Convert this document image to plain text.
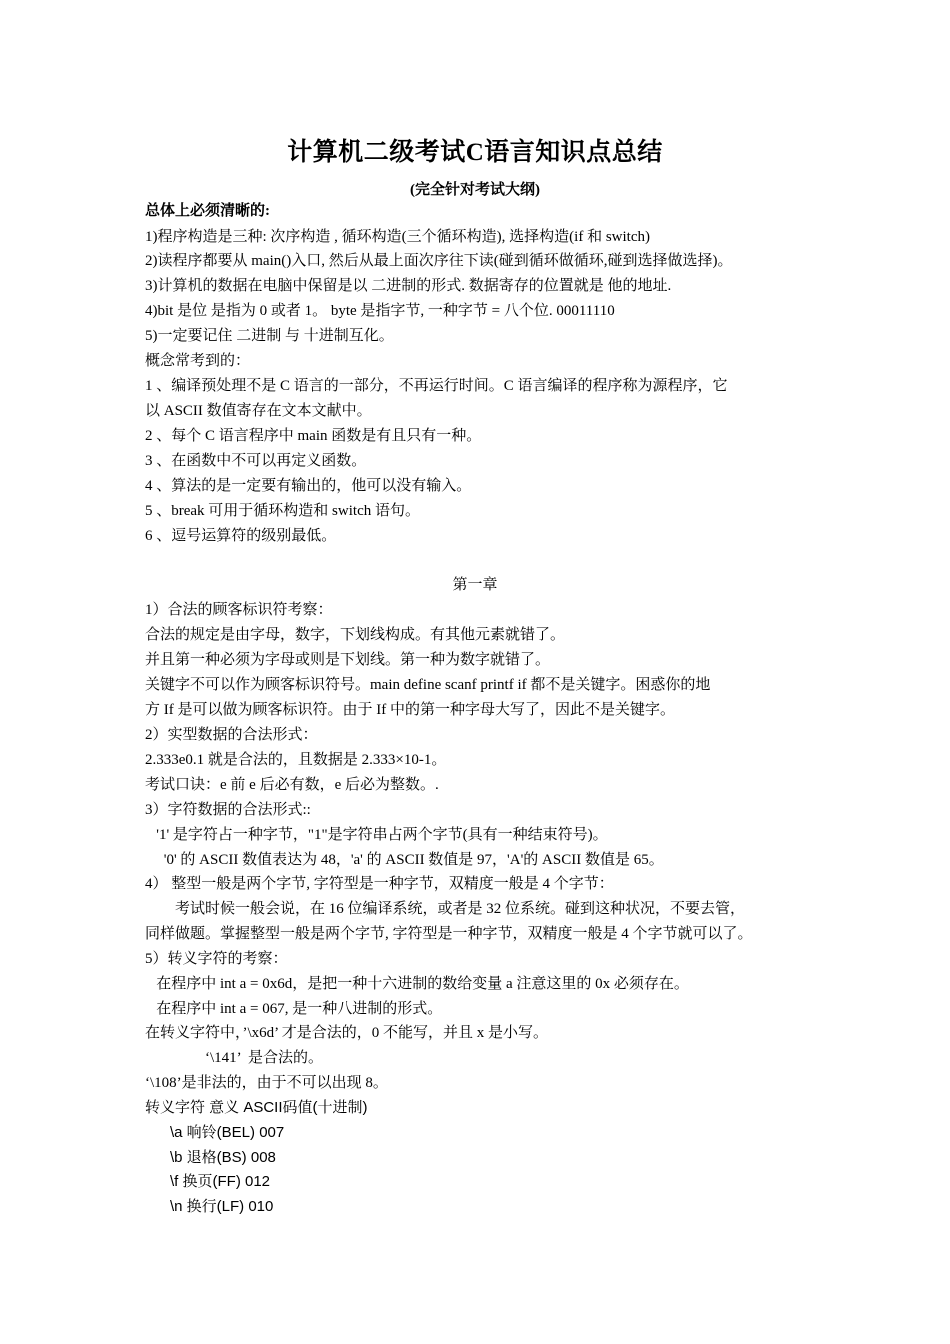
计算机二级考试C语言知识点总结
(完全针对考试大纲)
总体上必须清晰的:
1)程序构造是三种: 次序构造 , 循环构造(三个循环构造), 选择构造(if 和 switch)
2)读程序都要从 main()入口, 然后从最上面次序往下读(碰到循环做循环,碰到选择做选择)。
3)计算机的数据在电脑中保留是以 二进制的形式. 数据寄存的位置就是 他的地址.
4)bit 是位 是指为 0 或者 1。 byte 是指字节, 一种字节 = 八个位. 00011110
5)一定要记住 二进制 与 十进制互化。
概念常考到的：
1 、编译预处理不是 C 语言的一部分，不再运行时间。C 语言编译的程序称为源程序，它
以 ASCII 数值寄存在文本文献中。
2 、每个 C 语言程序中 main 函数是有且只有一种。
3 、在函数中不可以再定义函数。
4 、算法的是一定要有输出的，他可以没有输入。
5 、break 可用于循环构造和 switch 语句。
6 、逗号运算符的级别最低。
第一章
1）合法的顾客标识符考察：
合法的规定是由字母，数字，下划线构成。有其他元素就错了。
并且第一种必须为字母或则是下划线。第一种为数字就错了。
关键字不可以作为顾客标识符号。main define scanf printf if 都不是关键字。困惑你的地
方 If 是可以做为顾客标识符。由于 If 中的第一种字母大写了，因此不是关键字。
2）实型数据的合法形式：
2.333e0.1 就是合法的，且数据是 2.333×10-1。
考试口诀：e 前 e 后必有数，e 后必为整数。.
3）字符数据的合法形式::
'1' 是字符占一种字节，"1"是字符串占两个字节(具有一种结束符号)。
'0' 的 ASCII 数值表达为 48，'a' 的 ASCII 数值是 97，'A'的 ASCII 数值是 65。
4） 整型一般是两个字节, 字符型是一种字节，双精度一般是 4 个字节：
考试时候一般会说，在 16 位编译系统，或者是 32 位系统。碰到这种状况，不要去管，
同样做题。掌握整型一般是两个字节, 字符型是一种字节，双精度一般是 4 个字节就可以了。
5）转义字符的考察：
在程序中 int a = 0x6d，是把一种十六进制的数给变量 a 注意这里的 0x 必须存在。
在程序中 int a = 067, 是一种八进制的形式。
在转义字符中，’\x6d’ 才是合法的，0 不能写，并且 x 是小写。
‘\141’  是合法的。
‘\108’是非法的，由于不可以出现 8。
转义字符 意义 ASCII码值(十进制)
\a 响铃(BEL) 007
\b 退格(BS) 008
\f 换页(FF) 012
\n 换行(LF) 010
